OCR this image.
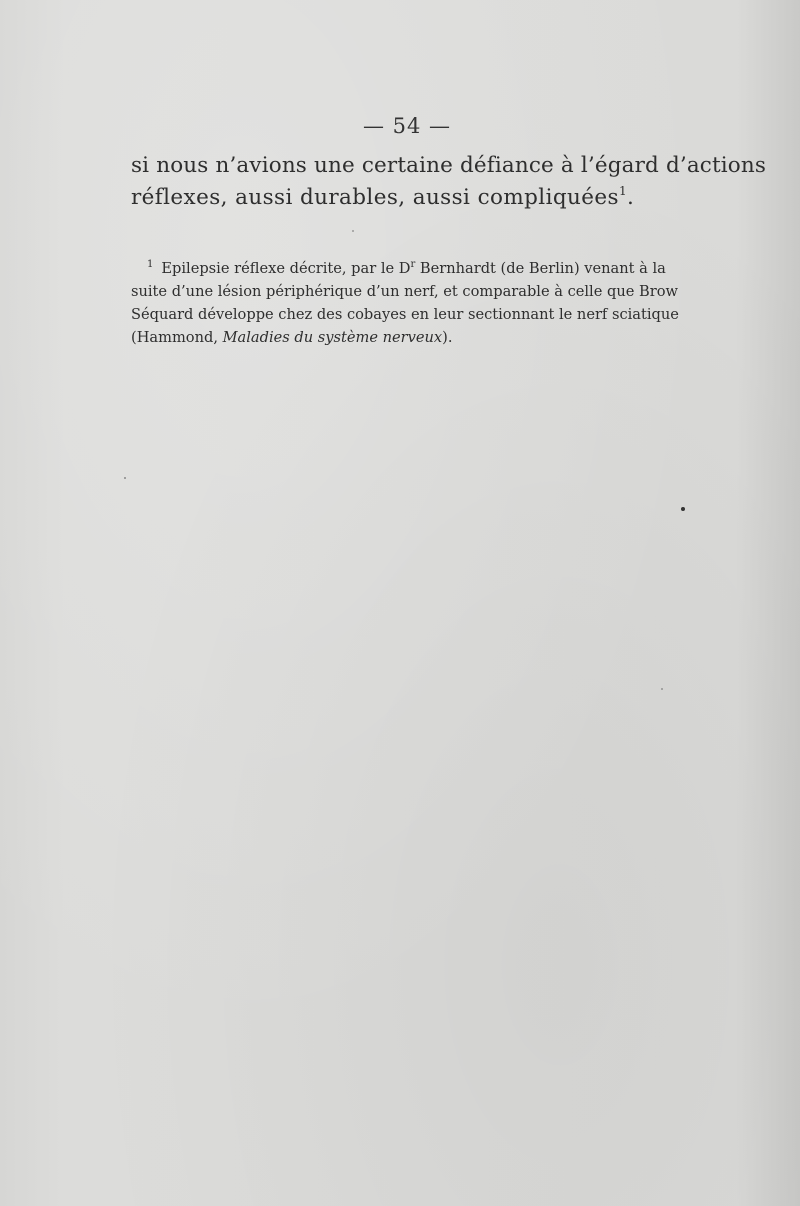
— 54 —

si nous n’avions une certaine défiance à l’égard d’actions
réflexes, aussi durables, aussi compliquées$^1$.

$^1$ Epilepsie réflexe décrite, par le $D^r$ Bernhardt (de Berlin) venant à la
suite d’une lésion périphérique d’un nerf, et comparable à celle que Brow
Séquard développe chez des cobayes en leur sectionnant le nerf sciatique
(Hammond, Maladies du système nerveux).
